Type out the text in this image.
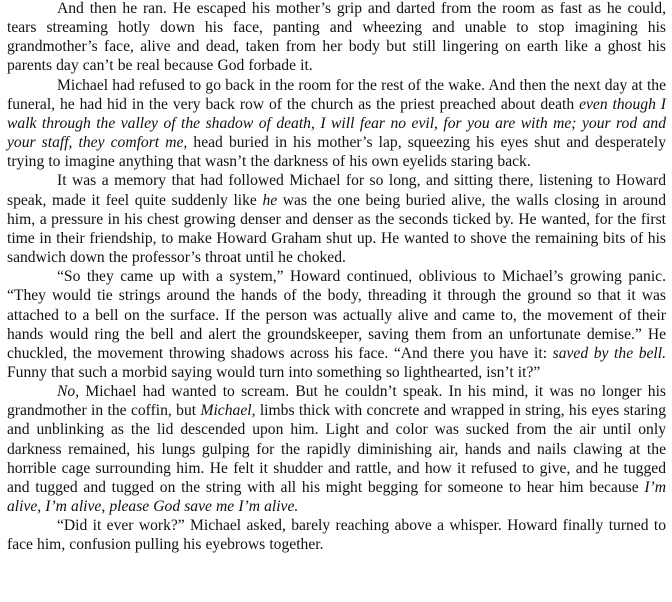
And then he ran. He escaped his mother’s grip and darted from the room as fast as he could, tears streaming hotly down his face, panting and wheezing and unable to stop imagining his grandmother’s face, alive and dead, taken from her body but still lingering on earth like a ghost his parents day can’t be real because God forbade it.

Michael had refused to go back in the room for the rest of the wake. And then the next day at the funeral, he had hid in the very back row of the church as the priest preached about death even though I walk through the valley of the shadow of death, I will fear no evil, for you are with me; your rod and your staff, they comfort me, head buried in his mother’s lap, squeezing his eyes shut and desperately trying to imagine anything that wasn’t the darkness of his own eyelids staring back.

It was a memory that had followed Michael for so long, and sitting there, listening to Howard speak, made it feel quite suddenly like he was the one being buried alive, the walls closing in around him, a pressure in his chest growing denser and denser as the seconds ticked by. He wanted, for the first time in their friendship, to make Howard Graham shut up. He wanted to shove the remaining bits of his sandwich down the professor’s throat until he choked.

“So they came up with a system,” Howard continued, oblivious to Michael’s growing panic. “They would tie strings around the hands of the body, threading it through the ground so that it was attached to a bell on the surface. If the person was actually alive and came to, the movement of their hands would ring the bell and alert the groundskeeper, saving them from an unfortunate demise.” He chuckled, the movement throwing shadows across his face. “And there you have it: saved by the bell. Funny that such a morbid saying would turn into something so lighthearted, isn’t it?”

No, Michael had wanted to scream. But he couldn’t speak. In his mind, it was no longer his grandmother in the coffin, but Michael, limbs thick with concrete and wrapped in string, his eyes staring and unblinking as the lid descended upon him. Light and color was sucked from the air until only darkness remained, his lungs gulping for the rapidly diminishing air, hands and nails clawing at the horrible cage surrounding him. He felt it shudder and rattle, and how it refused to give, and he tugged and tugged and tugged on the string with all his might begging for someone to hear him because I’m alive, I’m alive, please God save me I’m alive.

“Did it ever work?” Michael asked, barely reaching above a whisper. Howard finally turned to face him, confusion pulling his eyebrows together.
